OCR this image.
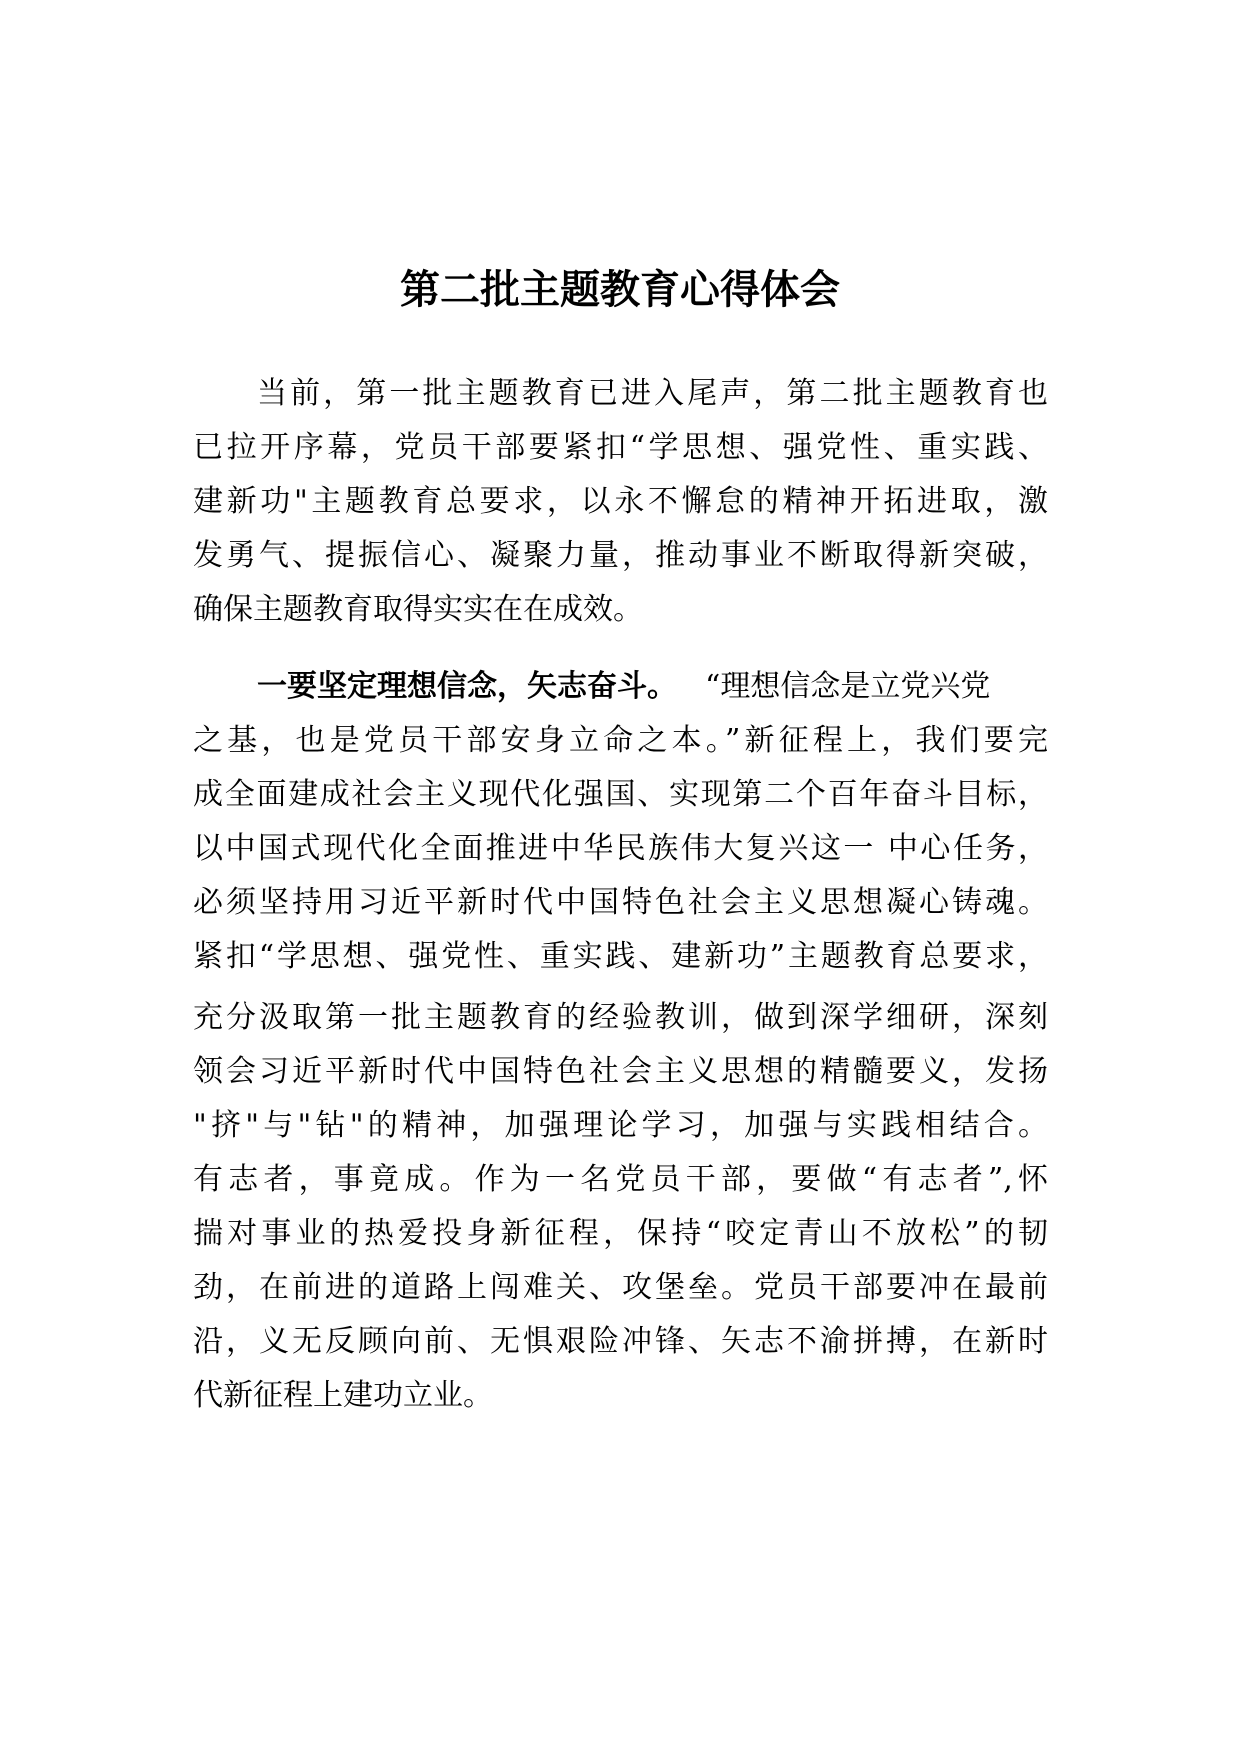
第二批主题教育心得体会
当前，第一批主题教育已进入尾声，第二批主题教育也
已拉开序幕，党员干部要紧扣“学思想、强党性、重实践、
建新功"主题教育总要求，以永不懈怠的精神开拓进取，激
发勇气、提振信心、凝聚力量，推动事业不断取得新突破，
确保主题教育取得实实在在成效。
一要坚定理想信念，矢志奋斗。 “理想信念是立党兴党
之基，也是党员干部安身立命之本。”新征程上，我们要完
成全面建成社会主义现代化强国、实现第二个百年奋斗目标，
以中国式现代化全面推进中华民族伟大复兴这一 中心任务，
必须坚持用习近平新时代中国特色社会主义思想凝心铸魂。
紧扣“学思想、强党性、重实践、建新功”主题教育总要求，
充分汲取第一批主题教育的经验教训，做到深学细研，深刻
领会习近平新时代中国特色社会主义思想的精髓要义，发扬
"挤"与"钻"的精神，加强理论学习，加强与实践相结合。
有志者，事竟成。作为一名党员干部，要做“有志者”,怀
揣对事业的热爱投身新征程，保持“咬定青山不放松”的韧
劲，在前进的道路上闯难关、攻堡垒。党员干部要冲在最前
沿，义无反顾向前、无惧艰险冲锋、矢志不渝拼搏，在新时
代新征程上建功立业。
